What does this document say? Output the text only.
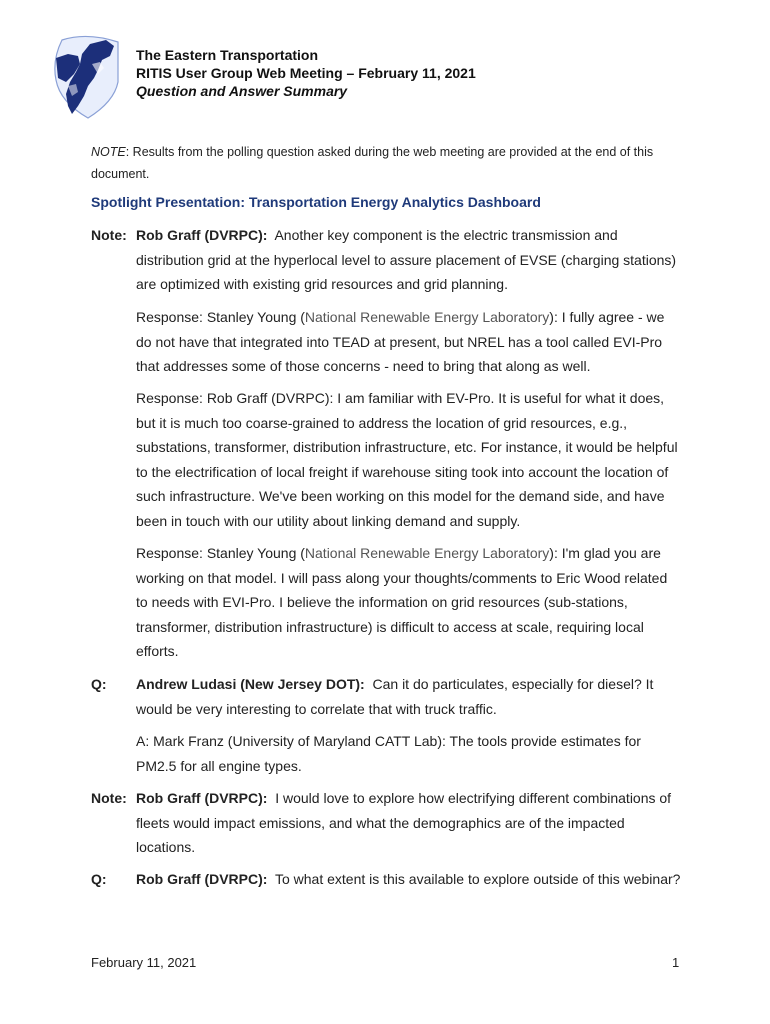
The Eastern Transportation
RITIS User Group Web Meeting – February 11, 2021
Question and Answer Summary
NOTE: Results from the polling question asked during the web meeting are provided at the end of this document.
Spotlight Presentation: Transportation Energy Analytics Dashboard
Note: Rob Graff (DVRPC): Another key component is the electric transmission and distribution grid at the hyperlocal level to assure placement of EVSE (charging stations) are optimized with existing grid resources and grid planning.
Response: Stanley Young (National Renewable Energy Laboratory): I fully agree - we do not have that integrated into TEAD at present, but NREL has a tool called EVI-Pro that addresses some of those concerns - need to bring that along as well.
Response: Rob Graff (DVRPC): I am familiar with EV-Pro. It is useful for what it does, but it is much too coarse-grained to address the location of grid resources, e.g., substations, transformer, distribution infrastructure, etc. For instance, it would be helpful to the electrification of local freight if warehouse siting took into account the location of such infrastructure. We've been working on this model for the demand side, and have been in touch with our utility about linking demand and supply.
Response: Stanley Young (National Renewable Energy Laboratory): I'm glad you are working on that model. I will pass along your thoughts/comments to Eric Wood related to needs with EVI-Pro. I believe the information on grid resources (sub-stations, transformer, distribution infrastructure) is difficult to access at scale, requiring local efforts.
Q: Andrew Ludasi (New Jersey DOT): Can it do particulates, especially for diesel? It would be very interesting to correlate that with truck traffic.
A: Mark Franz (University of Maryland CATT Lab): The tools provide estimates for PM2.5 for all engine types.
Note: Rob Graff (DVRPC): I would love to explore how electrifying different combinations of fleets would impact emissions, and what the demographics are of the impacted locations.
Q: Rob Graff (DVRPC): To what extent is this available to explore outside of this webinar?
February 11, 2021	1
